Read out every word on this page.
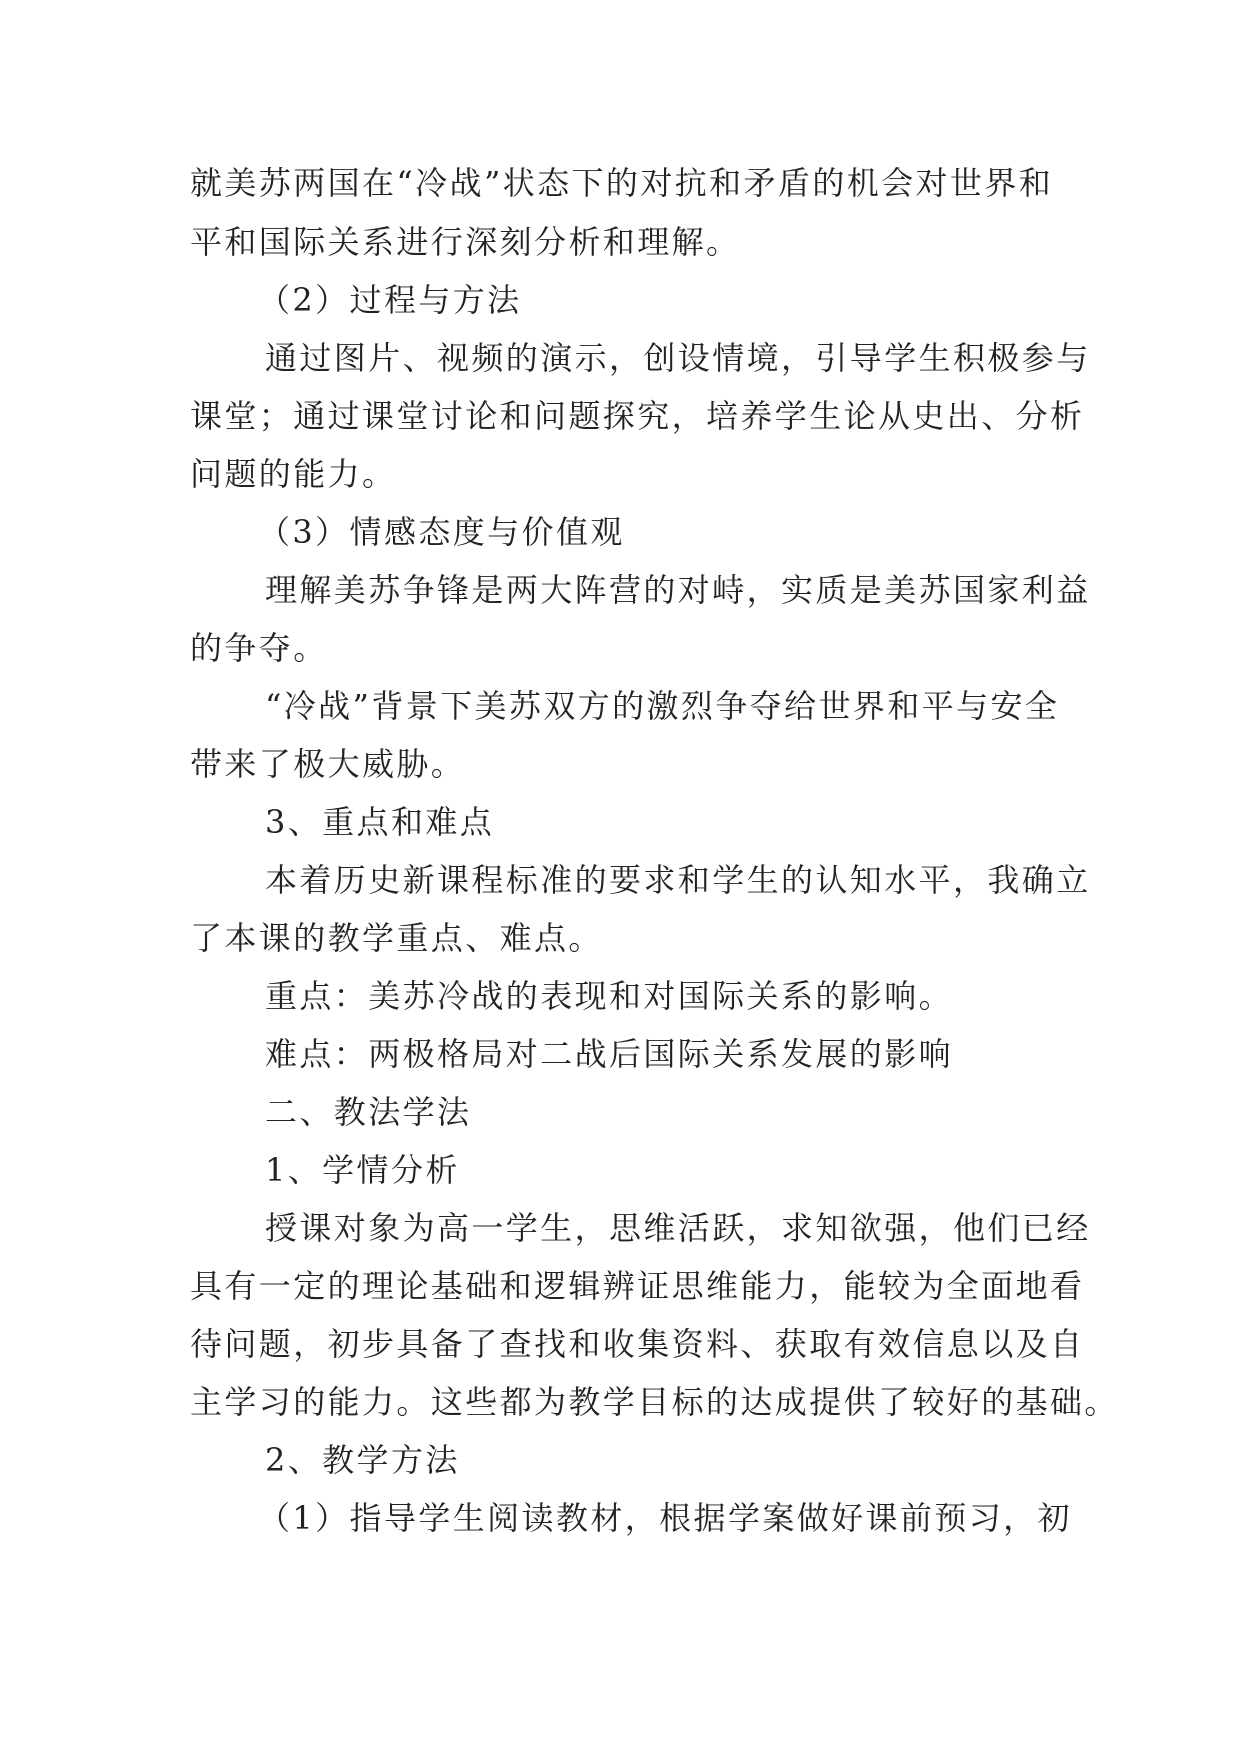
就美苏两国在“冷战”状态下的对抗和矛盾的机会对世界和
平和国际关系进行深刻分析和理解。
（2）过程与方法
通过图片、视频的演示，创设情境，引导学生积极参与
课堂；通过课堂讨论和问题探究，培养学生论从史出、分析
问题的能力。
（3）情感态度与价值观
理解美苏争锋是两大阵营的对峙，实质是美苏国家利益
的争夺。
“冷战”背景下美苏双方的激烈争夺给世界和平与安全
带来了极大威胁。
3、重点和难点
本着历史新课程标准的要求和学生的认知水平，我确立
了本课的教学重点、难点。
重点：美苏冷战的表现和对国际关系的影响。
难点：两极格局对二战后国际关系发展的影响
二、教法学法
1、学情分析
授课对象为高一学生，思维活跃，求知欲强，他们已经
具有一定的理论基础和逻辑辨证思维能力，能较为全面地看
待问题，初步具备了查找和收集资料、获取有效信息以及自
主学习的能力。这些都为教学目标的达成提供了较好的基础。
2、教学方法
（1）指导学生阅读教材，根据学案做好课前预习，初
